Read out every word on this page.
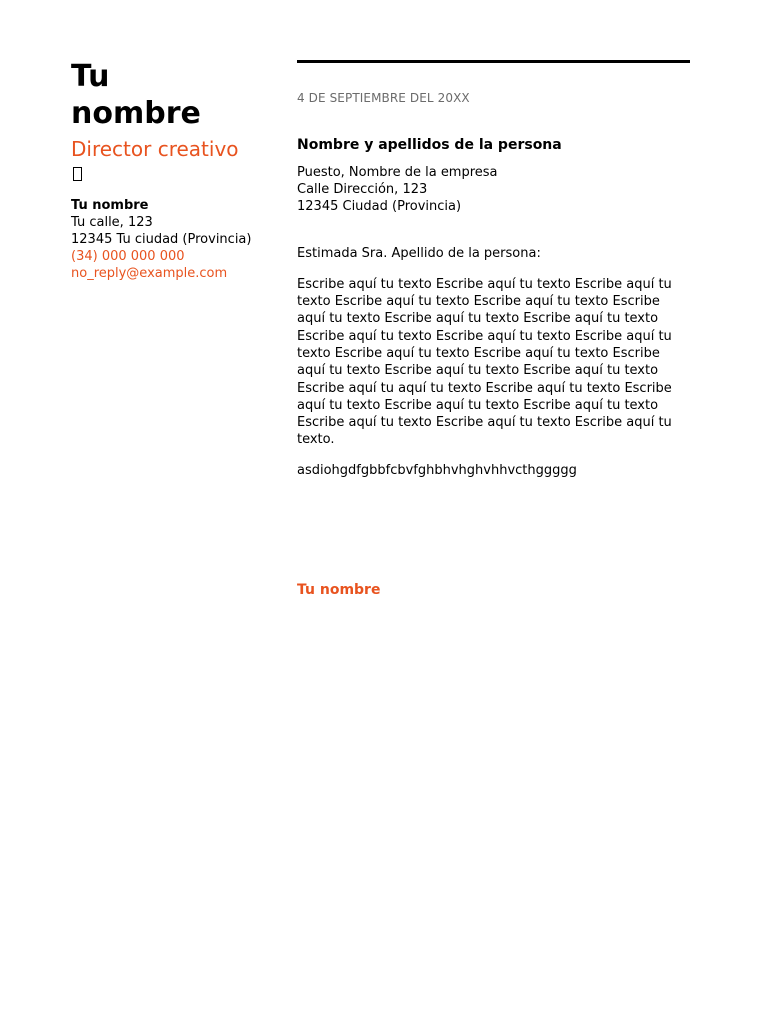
Tu
nombre
Director creativo
Tu nombre
Tu calle, 123
12345 Tu ciudad (Provincia)
(34) 000 000 000
no_reply@example.com
4 DE SEPTIEMBRE DEL 20XX
Nombre y apellidos de la persona
Puesto, Nombre de la empresa
Calle Dirección, 123
12345 Ciudad (Provincia)
Estimada Sra. Apellido de la persona:
Escribe aquí tu texto Escribe aquí tu texto Escribe aquí tu texto Escribe aquí tu texto Escribe aquí tu texto Escribe aquí tu texto Escribe aquí tu texto Escribe aquí tu texto Escribe aquí tu texto Escribe aquí tu texto Escribe aquí tu texto Escribe aquí tu texto Escribe aquí tu texto Escribe aquí tu texto Escribe aquí tu texto Escribe aquí tu texto Escribe aquí tu aquí tu texto Escribe aquí tu texto Escribe aquí tu texto Escribe aquí tu texto Escribe aquí tu texto Escribe aquí tu texto Escribe aquí tu texto Escribe aquí tu texto.
asdiohgdfgbbfcbvfghbhvhghvhhvcthggggg
Tu nombre
